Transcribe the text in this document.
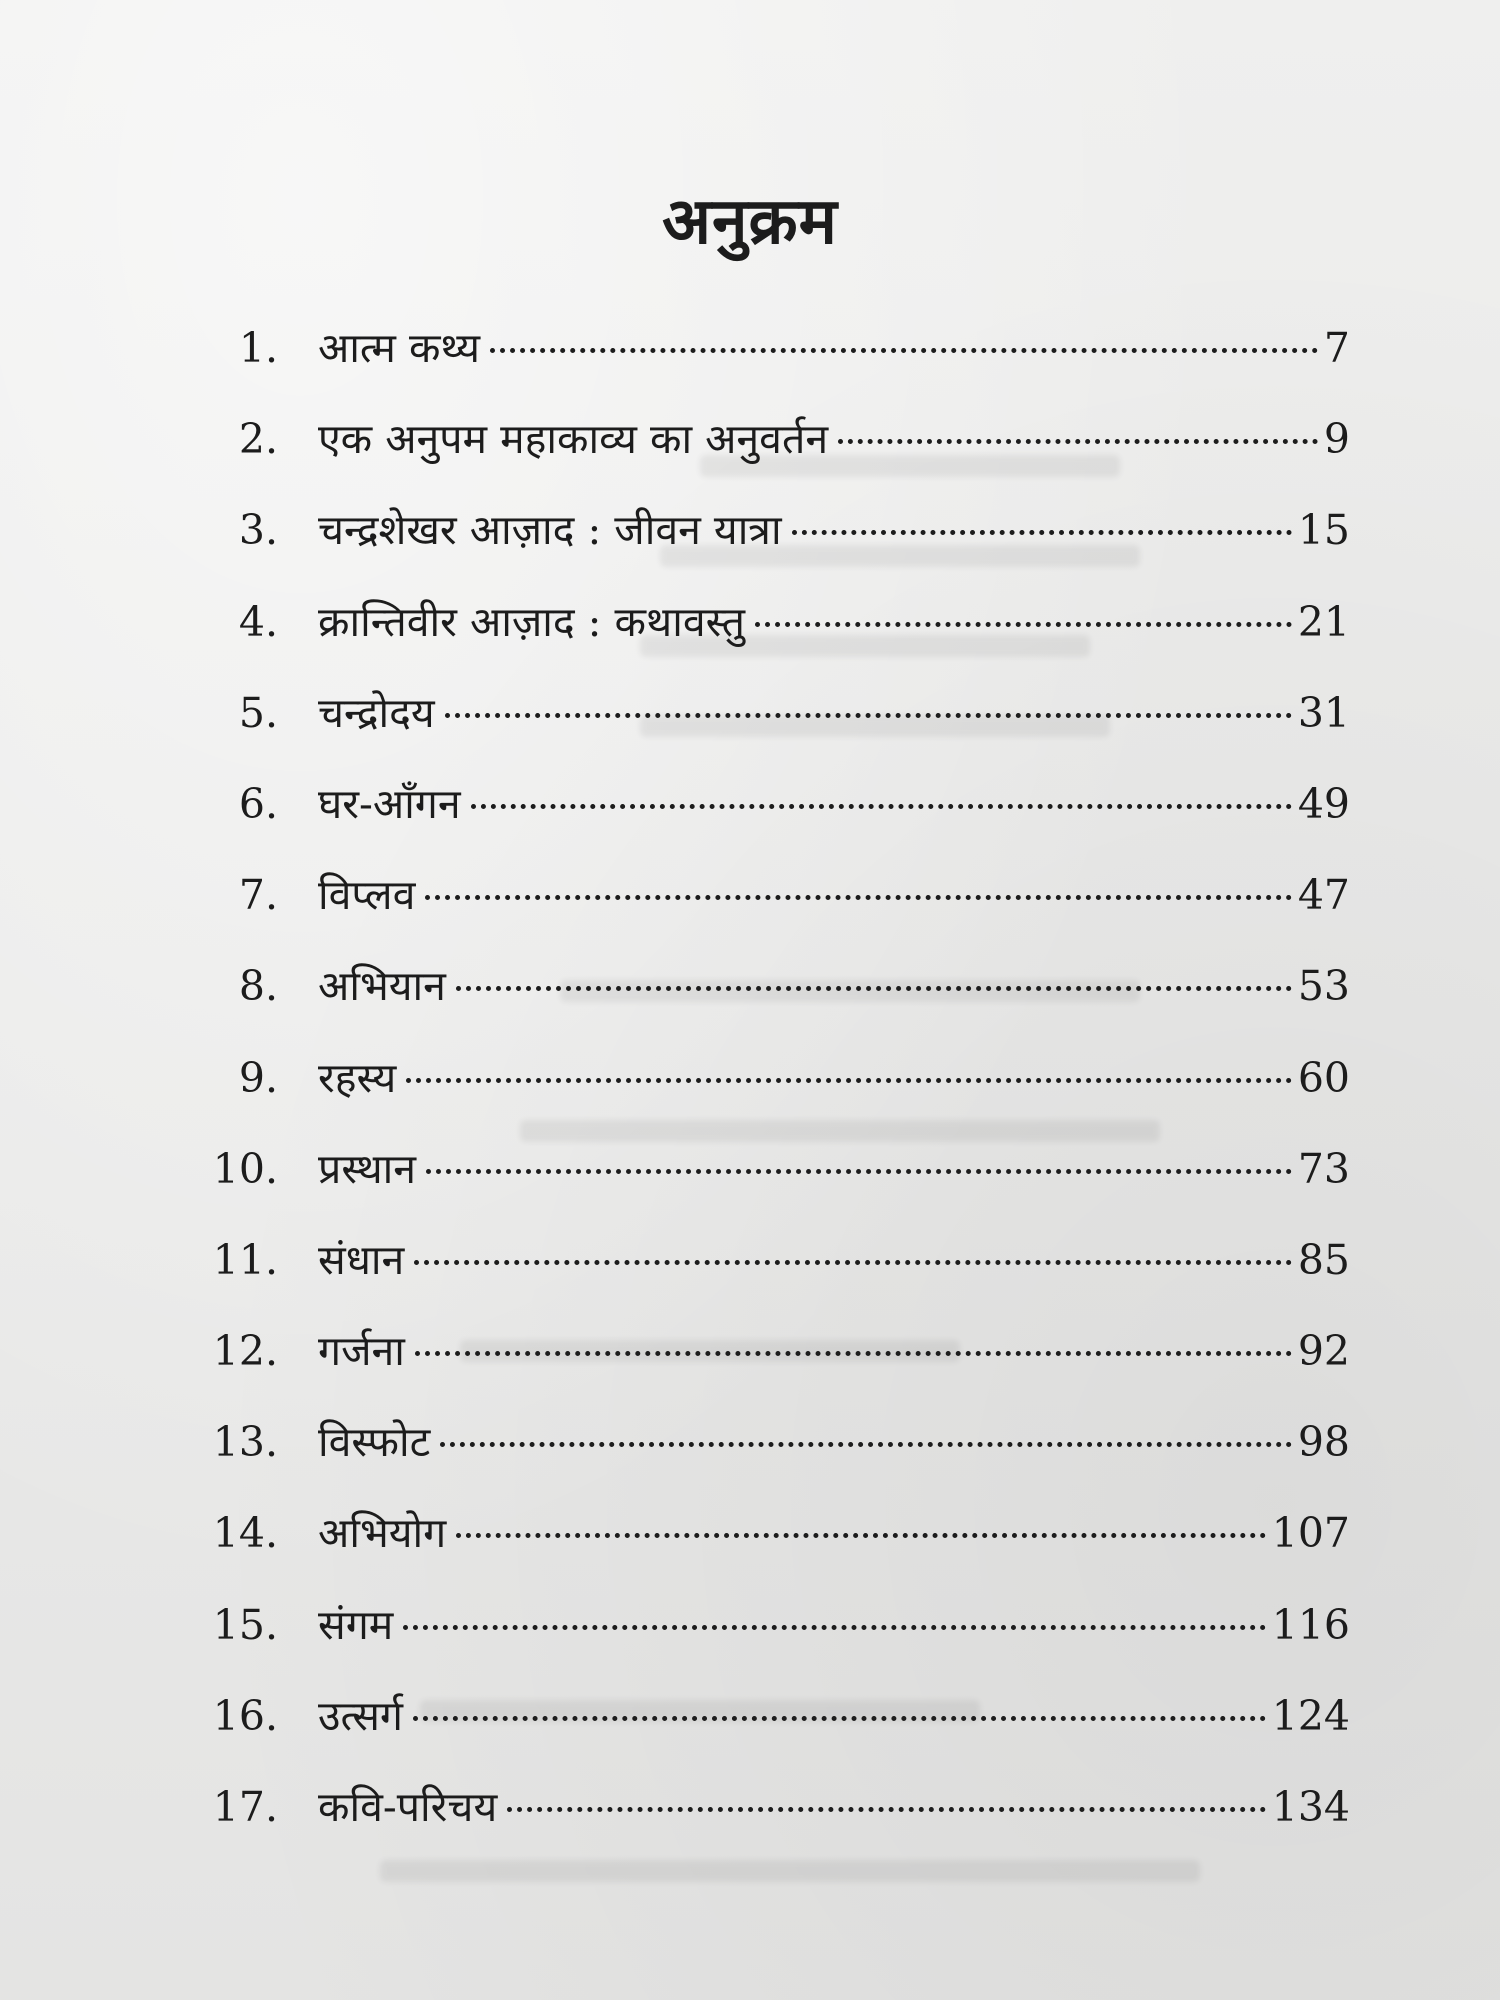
अनुक्रम
1. आत्म कथ्य	7
2. एक अनुपम महाकाव्य का अनुवर्तन	9
3. चन्द्रशेखर आज़ाद : जीवन यात्रा	15
4. क्रान्तिवीर आज़ाद : कथावस्तु	21
5. चन्द्रोदय	31
6. घर-आँगन	49
7. विप्लव	47
8. अभियान	53
9. रहस्य	60
10. प्रस्थान	73
11. संधान	85
12. गर्जना	92
13. विस्फोट	98
14. अभियोग	107
15. संगम	116
16. उत्सर्ग	124
17. कवि-परिचय	134
